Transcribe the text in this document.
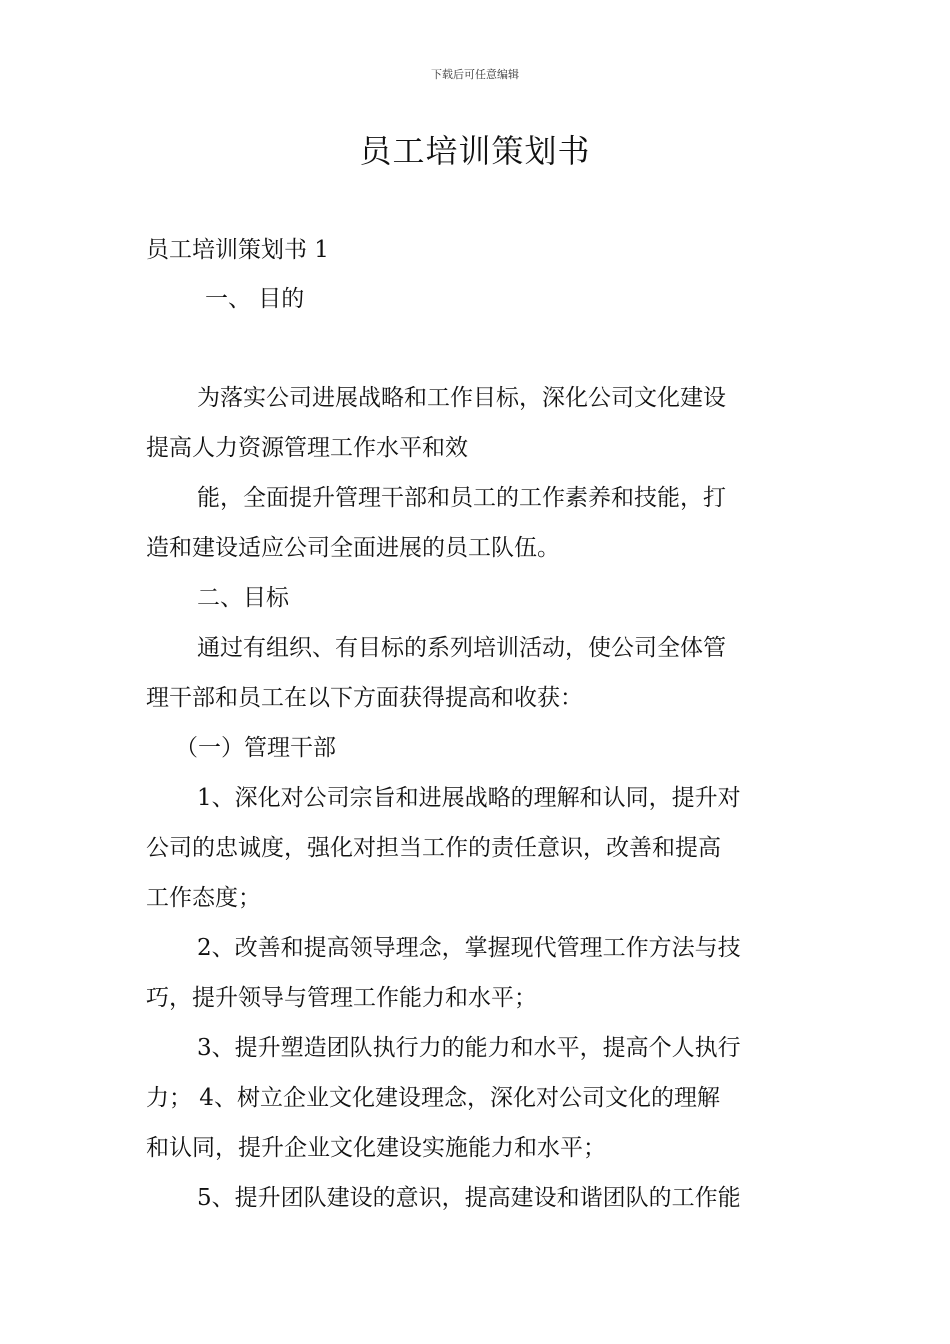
下载后可任意编辑
员工培训策划书
员工培训策划书 1
一、 目的
为落实公司进展战略和工作目标，深化公司文化建设
提高人力资源管理工作水平和效
能，全面提升管理干部和员工的工作素养和技能，打
造和建设适应公司全面进展的员工队伍。
二、目标
通过有组织、有目标的系列培训活动，使公司全体管
理干部和员工在以下方面获得提高和收获：
（一）管理干部
1、深化对公司宗旨和进展战略的理解和认同，提升对
公司的忠诚度，强化对担当工作的责任意识，改善和提高
工作态度；
2、改善和提高领导理念，掌握现代管理工作方法与技
巧，提升领导与管理工作能力和水平；
3、提升塑造团队执行力的能力和水平，提高个人执行
力； 4、树立企业文化建设理念，深化对公司文化的理解
和认同，提升企业文化建设实施能力和水平；
5、提升团队建设的意识，提高建设和谐团队的工作能
